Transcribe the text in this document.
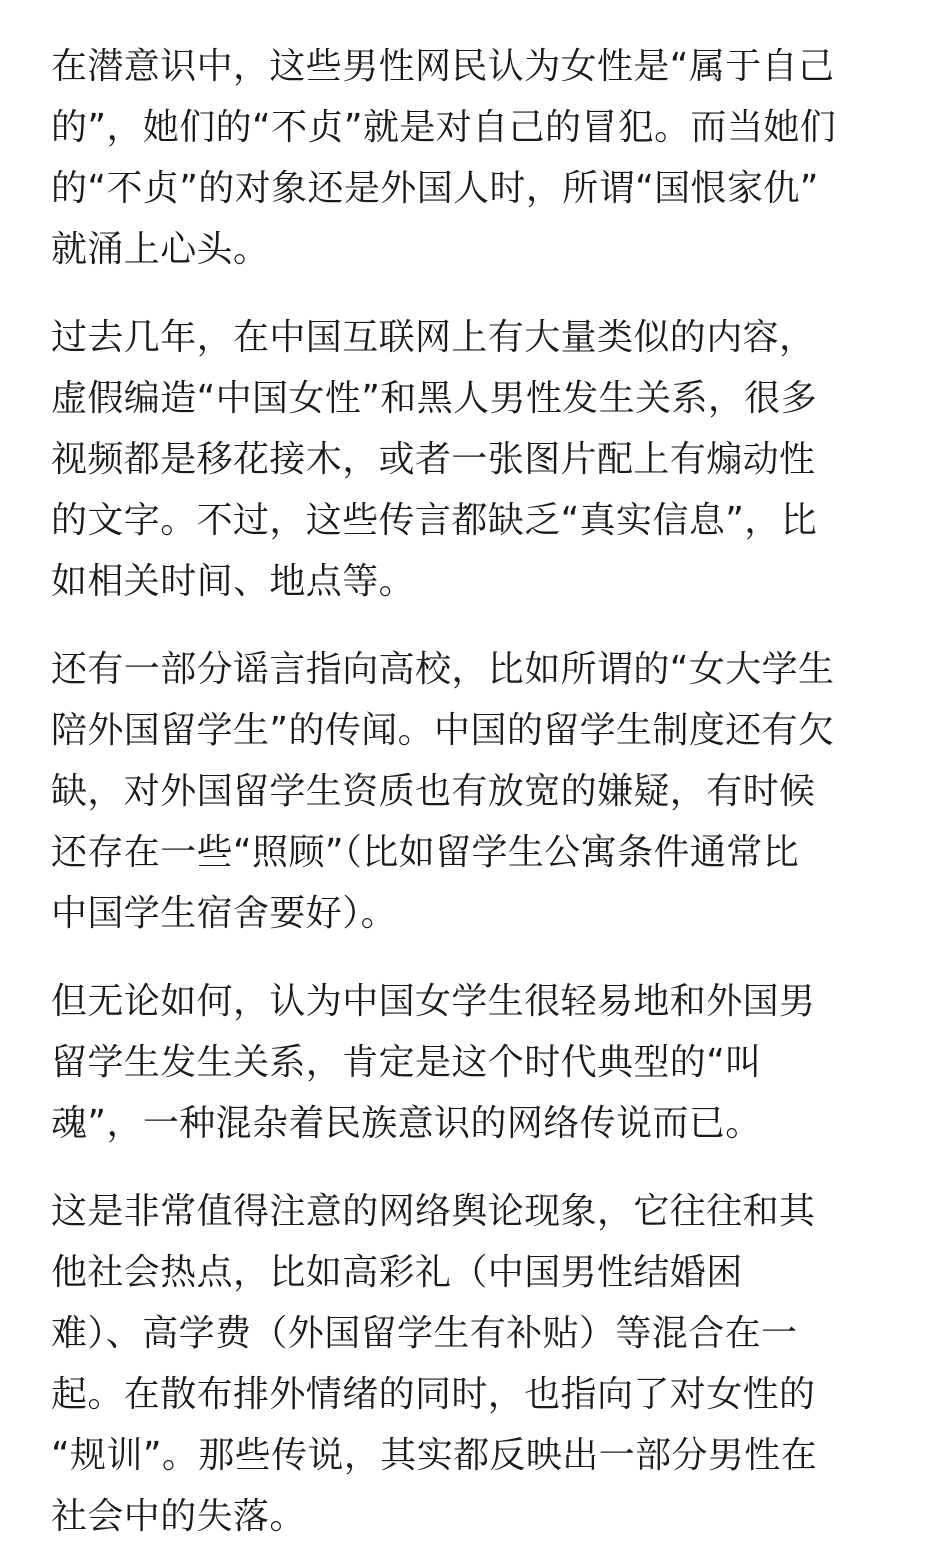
在潜意识中，这些男性网民认为女性是“属于自己
的”，她们的“不贞”就是对自己的冒犯。而当她们
的“不贞”的对象还是外国人时，所谓“国恨家仇”
就涌上心头。
过去几年，在中国互联网上有大量类似的内容，
虚假编造“中国女性”和黑人男性发生关系，很多
视频都是移花接木，或者一张图片配上有煽动性
的文字。不过，这些传言都缺乏“真实信息”，比
如相关时间、地点等。
还有一部分谣言指向高校，比如所谓的“女大学生
陪外国留学生”的传闻。中国的留学生制度还有欠
缺，对外国留学生资质也有放宽的嫌疑，有时候
还存在一些“照顾”（比如留学生公寓条件通常比
中国学生宿舍要好）。
但无论如何，认为中国女学生很轻易地和外国男
留学生发生关系，肯定是这个时代典型的“叫
魂”，一种混杂着民族意识的网络传说而已。
这是非常值得注意的网络舆论现象，它往往和其
他社会热点，比如高彩礼（中国男性结婚困
难）、高学费（外国留学生有补贴）等混合在一
起。在散布排外情绪的同时，也指向了对女性的
“规训”。那些传说，其实都反映出一部分男性在
社会中的失落。
